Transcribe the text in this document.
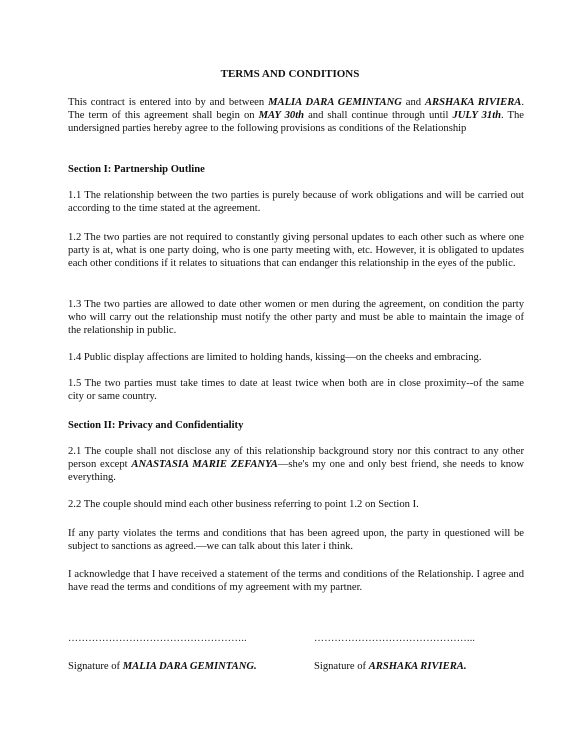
TERMS AND CONDITIONS

This contract is entered into by and between MALIA DARA GEMINTANG and ARSHAKA RIVIERA. The term of this agreement shall begin on MAY 30th and shall continue through until JULY 31th. The undersigned parties hereby agree to the following provisions as conditions of the Relationship

Section I: Partnership Outline

1.1 The relationship between the two parties is purely because of work obligations and will be carried out according to the time stated at the agreement.

1.2 The two parties are not required to constantly giving personal updates to each other such as where one party is at, what is one party doing, who is one party meeting with, etc. However, it is obligated to updates each other conditions if it relates to situations that can endanger this relationship in the eyes of the public.

1.3 The two parties are allowed to date other women or men during the agreement, on condition the party who will carry out the relationship must notify the other party and must be able to maintain the image of the relationship in public.

1.4 Public display affections are limited to holding hands, kissing—on the cheeks and embracing.

1.5 The two parties must take times to date at least twice when both are in close proximity--of the same city or same country.

Section II: Privacy and Confidentiality

2.1 The couple shall not disclose any of this relationship background story nor this contract to any other person except ANASTASIA MARIE ZEFANYA—she's my one and only best friend, she needs to know everything.

2.2 The couple should mind each other business referring to point 1.2 on Section I.

If any party violates the terms and conditions that has been agreed upon, the party in questioned will be subject to sanctions as agreed.—we can talk about this later i think.

I acknowledge that I have received a statement of the terms and conditions of the Relationship. I agree and have read the terms and conditions of my agreement with my partner.

……………………………………………..	………………………………………...
Signature of MALIA DARA GEMINTANG.	Signature of ARSHAKA RIVIERA.
